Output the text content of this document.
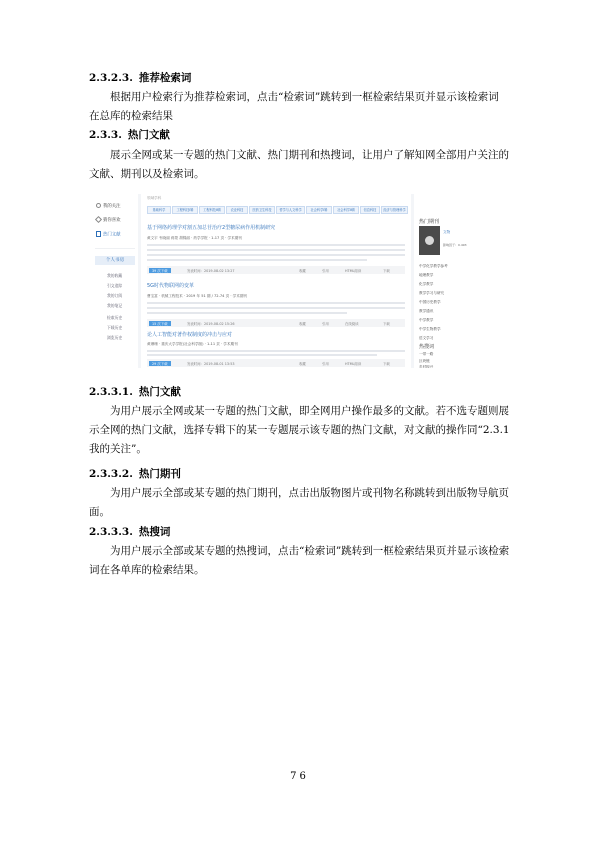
2.3.2.3. 推荐检索词
根据用户检索行为推荐检索词，点击“检索词”跳转到一框检索结果页并显示该检索词
在总库的检索结果
2.3.3. 热门文献
展示全网或某一专题的热门文献、热门期刊和热搜词，让用户了解知网全部用户关注的
文献、期刊以及检索词。
我的关注
猜你喜欢
热门文献
个人书房
我的收藏
引文追踪
我的订阅
我的笔记
检索历史
下载历史
浏览历史
领域学科
基础科学	工程科技Ⅰ辑	工程科技Ⅱ辑	农业科技	医药卫生科技	哲学与人文科学	社会科学Ⅰ辑	社会科学Ⅱ辑	信息科技	经济与管理科学
基于网络药理学对割五加总苷治疗2型糖尿病作用机制研究
黄文宇 韦晓丽 蒋蒙 胡锦丽 · 药学学报 · 1-17 页 · 学术期刊
39 次下载	发表时间：2019-08-02 13:27	收藏	引用	HTML阅读	下载
5G时代物联网的变革
曹宝富 · 机械工程技术 · 2019 年 51 期 / 72-74 页 · 学术期刊
15 次下载	发表时间：2019-08-02 15:26	收藏	引用	在线阅读	下载
论人工智能对著作权制度的冲击与应对
黄珊珊 · 重庆大学学报(社会科学版) · 1-11 页 · 学术期刊
29 次下载	发表时间：2019-08-01 13:53	收藏	引用	HTML阅读	下载
热门期刊
文物
影响因子：0.493
中学化学教学参考
地理教学
化学教学
教学学习与研究
中国历史教学
教学通讯
中学教学
中学生物教学
语文学习
热搜词
一带一路
区块链
乡村振兴
2.3.3.1. 热门文献
为用户展示全网或某一专题的热门文献，即全网用户操作最多的文献。若不选专题则展
示全网的热门文献，选择专辑下的某一专题展示该专题的热门文献，对文献的操作同“2.3.1
我的关注”。
2.3.3.2. 热门期刊
为用户展示全部或某专题的热门期刊，点击出版物图片或刊物名称跳转到出版物导航页
面。
2.3.3.3. 热搜词
为用户展示全部或某专题的热搜词，点击“检索词”跳转到一框检索结果页并显示该检索
词在各单库的检索结果。
76
